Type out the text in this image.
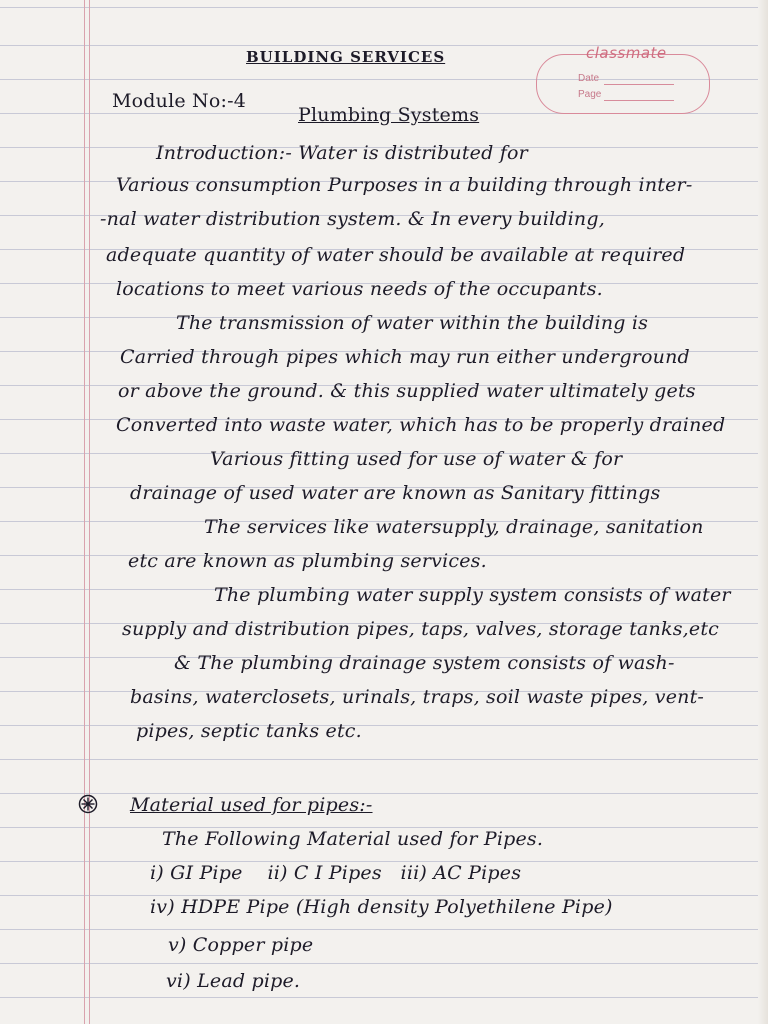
classmate
Date
Page
BUILDING SERVICES
Module No:-4
Plumbing Systems
Introduction:- Water is distributed for
Various consumption Purposes in a building through inter-
-nal water distribution system. & In every building,
adequate quantity of water should be available at required
locations to meet various needs of the occupants.
The transmission of water within the building is
Carried through pipes which may run either underground
or above the ground. & this supplied water ultimately gets
Converted into waste water, which has to be properly drained
Various fitting used for use of water & for
drainage of used water are known as Sanitary fittings
The services like watersupply, drainage, sanitation
etc are known as plumbing services.
The plumbing water supply system consists of water
supply and distribution pipes, taps, valves, storage tanks,etc
& The plumbing drainage system consists of wash-
basins, waterclosets, urinals, traps, soil waste pipes, vent-
pipes, septic tanks etc.
Material used for pipes:-
The Following Material used for Pipes.
i) GI Pipe    ii) C I Pipes   iii) AC Pipes
iv) HDPE Pipe (High density Polyethilene Pipe)
v) Copper pipe
vi) Lead pipe.
